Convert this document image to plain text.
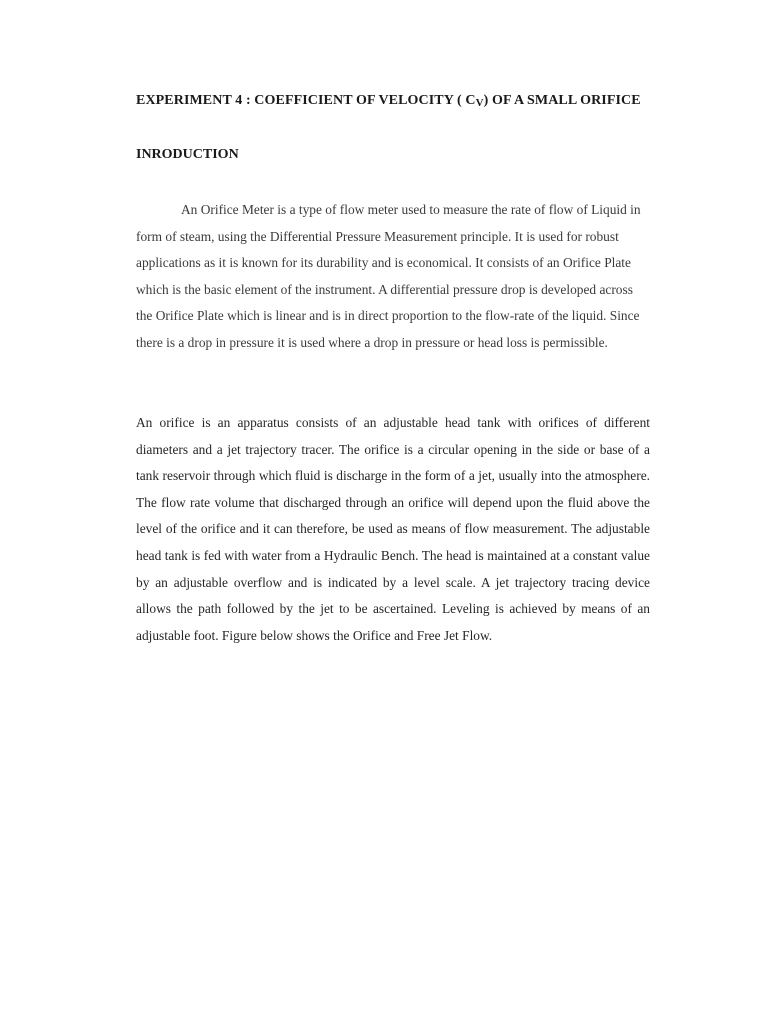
EXPERIMENT 4 : COEFFICIENT OF VELOCITY ( CV) OF A SMALL ORIFICE
INRODUCTION

An Orifice Meter is a type of flow meter used to measure the rate of flow of Liquid in form of steam, using the Differential Pressure Measurement principle. It is used for robust applications as it is known for its durability and is economical. It consists of an Orifice Plate which is the basic element of the instrument. A differential pressure drop is developed across the Orifice Plate which is linear and is in direct proportion to the flow-rate of the liquid. Since there is a drop in pressure it is used where a drop in pressure or head loss is permissible.

An orifice is an apparatus consists of an adjustable head tank with orifices of different diameters and a jet trajectory tracer. The orifice is a circular opening in the side or base of a tank reservoir through which fluid is discharge in the form of a jet, usually into the atmosphere. The flow rate volume that discharged through an orifice will depend upon the fluid above the level of the orifice and it can therefore, be used as means of flow measurement. The adjustable head tank is fed with water from a Hydraulic Bench. The head is maintained at a constant value by an adjustable overflow and is indicated by a level scale. A jet trajectory tracing device allows the path followed by the jet to be ascertained. Leveling is achieved by means of an adjustable foot. Figure below shows the Orifice and Free Jet Flow.
